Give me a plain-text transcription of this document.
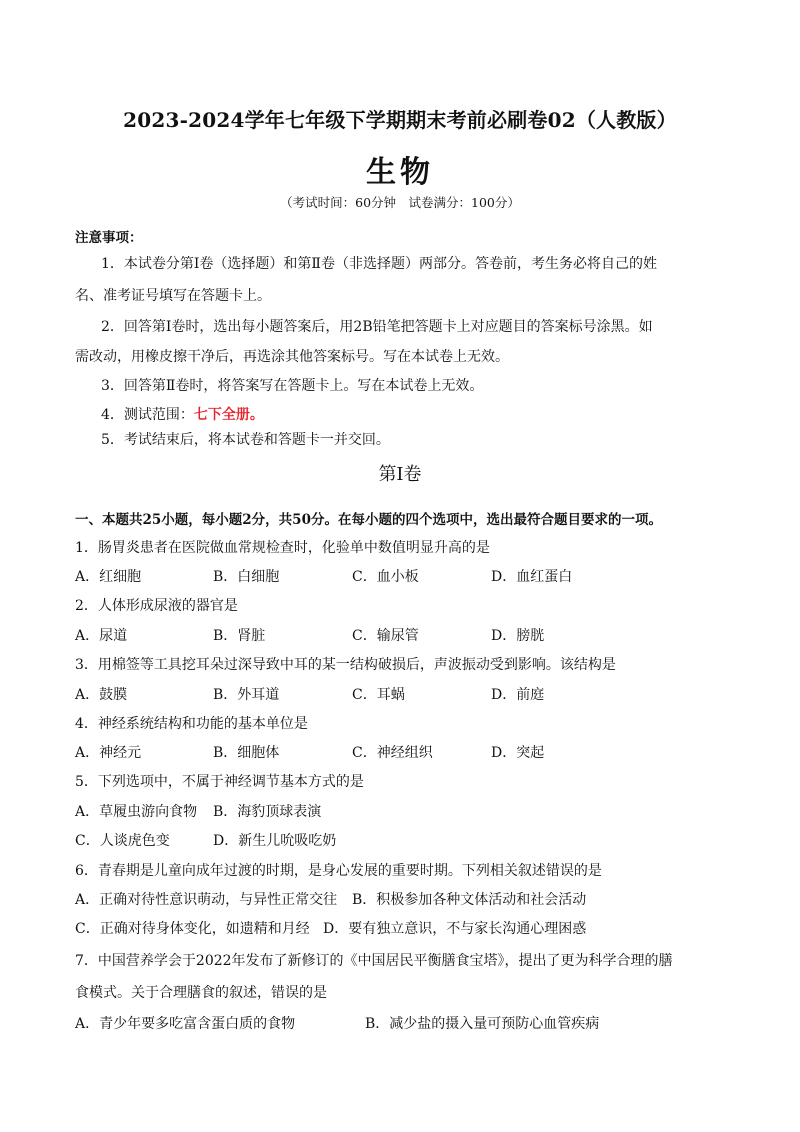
2023-2024学年七年级下学期期末考前必刷卷02（人教版）
生物
（考试时间：60分钟　试卷满分：100分）
注意事项：
1．本试卷分第Ⅰ卷（选择题）和第Ⅱ卷（非选择题）两部分。答卷前，考生务必将自己的姓
名、准考证号填写在答题卡上。
2．回答第Ⅰ卷时，选出每小题答案后，用2B铅笔把答题卡上对应题目的答案标号涂黑。如
需改动，用橡皮擦干净后，再选涂其他答案标号。写在本试卷上无效。
3．回答第Ⅱ卷时，将答案写在答题卡上。写在本试卷上无效。
4．测试范围：七下全册。
5．考试结束后，将本试卷和答题卡一并交回。
第Ⅰ卷
一、本题共25小题，每小题2分，共50分。在每小题的四个选项中，选出最符合题目要求的一项。
1．肠胃炎患者在医院做血常规检查时，化验单中数值明显升高的是
A．红细胞	B．白细胞	C．血小板	D．血红蛋白
2．人体形成尿液的器官是
A．尿道	B．肾脏	C．输尿管	D．膀胱
3．用棉签等工具挖耳朵过深导致中耳的某一结构破损后，声波振动受到影响。该结构是
A．鼓膜	B．外耳道	C．耳蜗	D．前庭
4．神经系统结构和功能的基本单位是
A．神经元	B．细胞体	C．神经组织	D．突起
5．下列选项中，不属于神经调节基本方式的是
A．草履虫游向食物 B．海豹顶球表演
C．人谈虎色变	D．新生儿吮吸吃奶
6．青春期是儿童向成年过渡的时期，是身心发展的重要时期。下列相关叙述错误的是
A．正确对待性意识萌动，与异性正常交往 B．积极参加各种文体活动和社会活动
C．正确对待身体变化，如遗精和月经 D．要有独立意识，不与家长沟通心理困惑
7．中国营养学会于2022年发布了新修订的《中国居民平衡膳食宝塔》，提出了更为科学合理的膳
食模式。关于合理膳食的叙述，错误的是
A．青少年要多吃富含蛋白质的食物	B．减少盐的摄入量可预防心血管疾病
